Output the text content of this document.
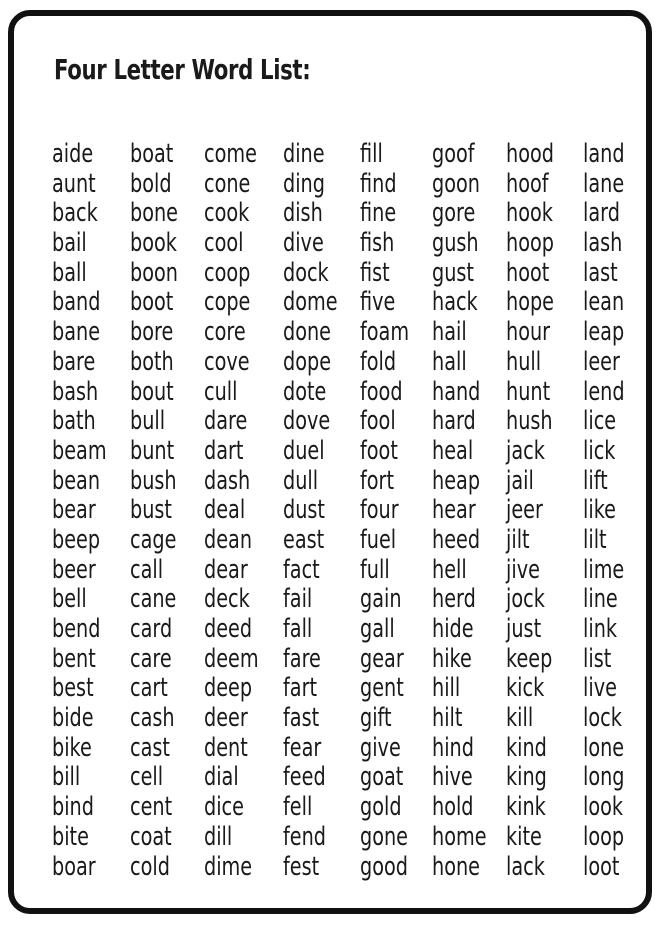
Four Letter Word List:
aide
aunt
back
bail
ball
band
bane
bare
bash
bath
beam
bean
bear
beep
beer
bell
bend
bent
best
bide
bike
bill
bind
bite
boar
boat
bold
bone
book
boon
boot
bore
both
bout
bull
bunt
bush
bust
cage
call
cane
card
care
cart
cash
cast
cell
cent
coat
cold
come
cone
cook
cool
coop
cope
core
cove
cull
dare
dart
dash
deal
dean
dear
deck
deed
deem
deep
deer
dent
dial
dice
dill
dime
dine
ding
dish
dive
dock
dome
done
dope
dote
dove
duel
dull
dust
east
fact
fail
fall
fare
fart
fast
fear
feed
fell
fend
fest
fill
find
fine
fish
fist
five
foam
fold
food
fool
foot
fort
four
fuel
full
gain
gall
gear
gent
gift
give
goat
gold
gone
good
goof
goon
gore
gush
gust
hack
hail
hall
hand
hard
heal
heap
hear
heed
hell
herd
hide
hike
hill
hilt
hind
hive
hold
home
hone
hood
hoof
hook
hoop
hoot
hope
hour
hull
hunt
hush
jack
jail
jeer
jilt
jive
jock
just
keep
kick
kill
kind
king
kink
kite
lack
land
lane
lard
lash
last
lean
leap
leer
lend
lice
lick
lift
like
lilt
lime
line
link
list
live
lock
lone
long
look
loop
loot
